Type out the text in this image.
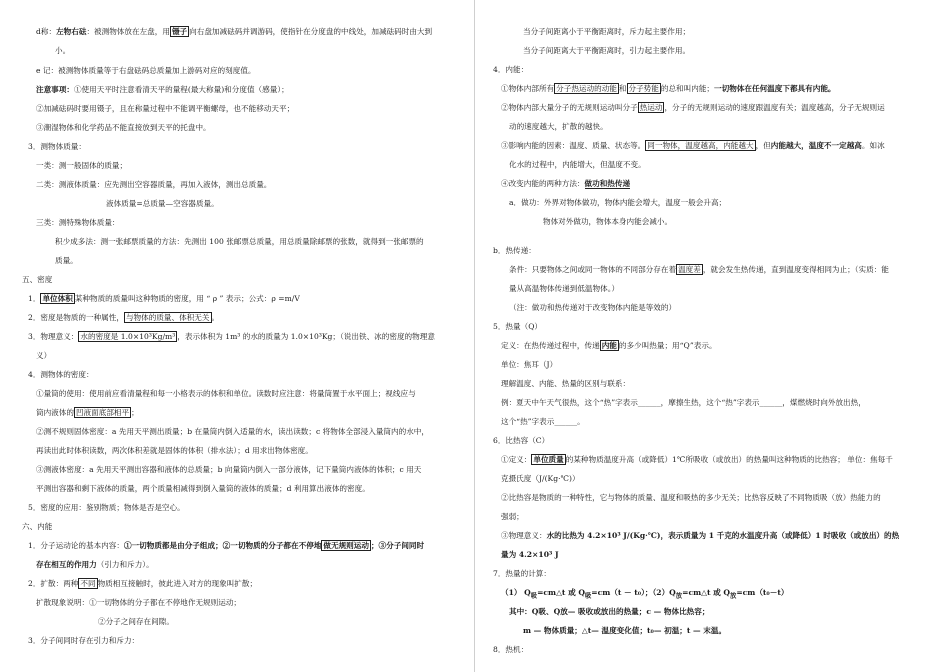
d称：左物右砝：被测物体放在左盘，用 镊子 向右盘加减砝码并调游码，使指针在分度盘的中线处，加减砝码时由大到
小。
e 记：被测物体质量等于右盘砝码总质量加上游码对应的刻度值。
注意事项：①使用天平时注意看清天平的量程(最大称量)和分度值（感量）；
②加减砝码时要用镊子，且在称量过程中不能调平衡螺母，也不能移动天平；
③潮湿物体和化学药品不能直接放到天平的托盘中。
3．测物体质量：
一类：测一般固体的质量；
二类：测液体质量：应先测出空容器质量，再加入液体，测出总质量。
液体质量=总质量—空容器质量。
三类：测特殊物体质量：
积少成多法：测一张邮票质量的方法：先测出 100 张邮票总质量，用总质量除邮票的张数，就得到一张邮票的
质量。
五、密度
1． 单位体积 某种物质的质量叫这种物质的密度，用 “ ρ ” 表示；公式：ρ =m/V
2．密度是物质的一种属性， 与物体的质量、体积无关 。
3．物理意义： 水的密度是 1.0×10³Kg/m³ ，表示体积为 1m³ 的水的质量为 1.0×10³Kg；（说出铁、冰的密度的物理意
义）
4．测物体的密度：
①量筒的使用：使用前应看清量程和每一小格表示的体积和单位。读数时应注意：将量筒置于水平面上；视线应与
筒内液体的 凹液面底部相平 ；
②测不规则固体密度：a 先用天平测出质量；b 在量筒内倒入适量的水，读出读数；c 将物体全部浸入量筒内的水中，
再读出此时体积读数，两次体积差就是固体的体积（排水法）；d 用求出物体密度。
③测液体密度：a 先用天平测出容器和液体的总质量；b 向量筒内倒入一部分液体，记下量筒内液体的体积；c 用天
平测出容器和剩下液体的质量，两个质量相减得到倒入量筒的液体的质量；d 利用算出液体的密度。
5．密度的应用：鉴别物质；物体是否是空心。
六、内能
1．分子运动论的基本内容：①一切物质都是由分子组成；②一切物质的分子都在不停地 做无规则运动 ；③分子间同时
存在相互的作用力（引力和斥力）。
2．扩散：两种 不同 物质相互接触时，彼此进入对方的现象叫扩散；
扩散现象说明：①一切物体的分子都在不停地作无规则运动；
②分子之间存在间隙。
3．分子间同时存在引力和斥力：
当分子间距离小于平衡距离时，斥力起主要作用；
当分子间距离大于平衡距离时，引力起主要作用。
4．内能：
①物体内部所有 分子热运动的动能 和 分子势能 的总和叫内能；一切物体在任何温度下都具有内能。
②物体内部大量分子的无规则运动叫分子 热运动 ，分子的无规则运动的速度跟温度有关；温度越高，分子无规则运
动的速度越大，扩散的越快。
③影响内能的因素：温度、质量、状态等。 同一物体，温度越高，内能越大 ，但内能越大，温度不一定越高。如冰
化水的过程中，内能增大，但温度不变。
④改变内能的两种方法：做功和热传递
a．做功：外界对物体做功，物体内能会增大，温度一般会升高；
物体对外做功，物体本身内能会减小。
b．热传递：
条件：只要物体之间或同一物体的不同部分存在着 温度差 ，就会发生热传递，直到温度变得相同为止；（实质：能
量从高温物体传递到低温物体。）
（注：做功和热传递对于改变物体内能是等效的）
5．热量（Q）
定义：在热传递过程中，传递 内能 的多少叫热量；用“Q”表示。
单位：焦耳（J）
理解温度、内能、热量的区别与联系：
例：夏天中午天气很热，这个“热”字表示______，摩擦生热，这个“热”字表示______，煤燃烧时向外放出热，
这个“热”字表示______。
6．比热容（C）
①定义： 单位质量 的某种物质温度升高（或降低）1℃所吸收（或放出）的热量叫这种物质的比热容； 单位：焦每千
克摄氏度（J/(Kg·℃)）
②比热容是物质的一种特性，它与物体的质量、温度和吸热的多少无关；比热容反映了不同物质吸（放）热能力的
强弱；
③物理意义：水的比热为 4.2×10³ J/(Kg·℃)，表示质量为 1 千克的水温度升高（或降低）1 时吸收（或放出）的热
量为 4.2×10³ J
7．热量的计算：
（1） $Q_吸=cm\triangle t$ 或 $Q_吸=cm(t - t_0)$；$(2)Q_放=cm\triangle t$ 或 $Q_放=cm(t_0-t)$
其中：Q吸、Q放— 吸收或放出的热量；c — 物体比热容；
m — 物体质量；△t— 温度变化值；t₀— 初温；t — 末温。
8．热机：
